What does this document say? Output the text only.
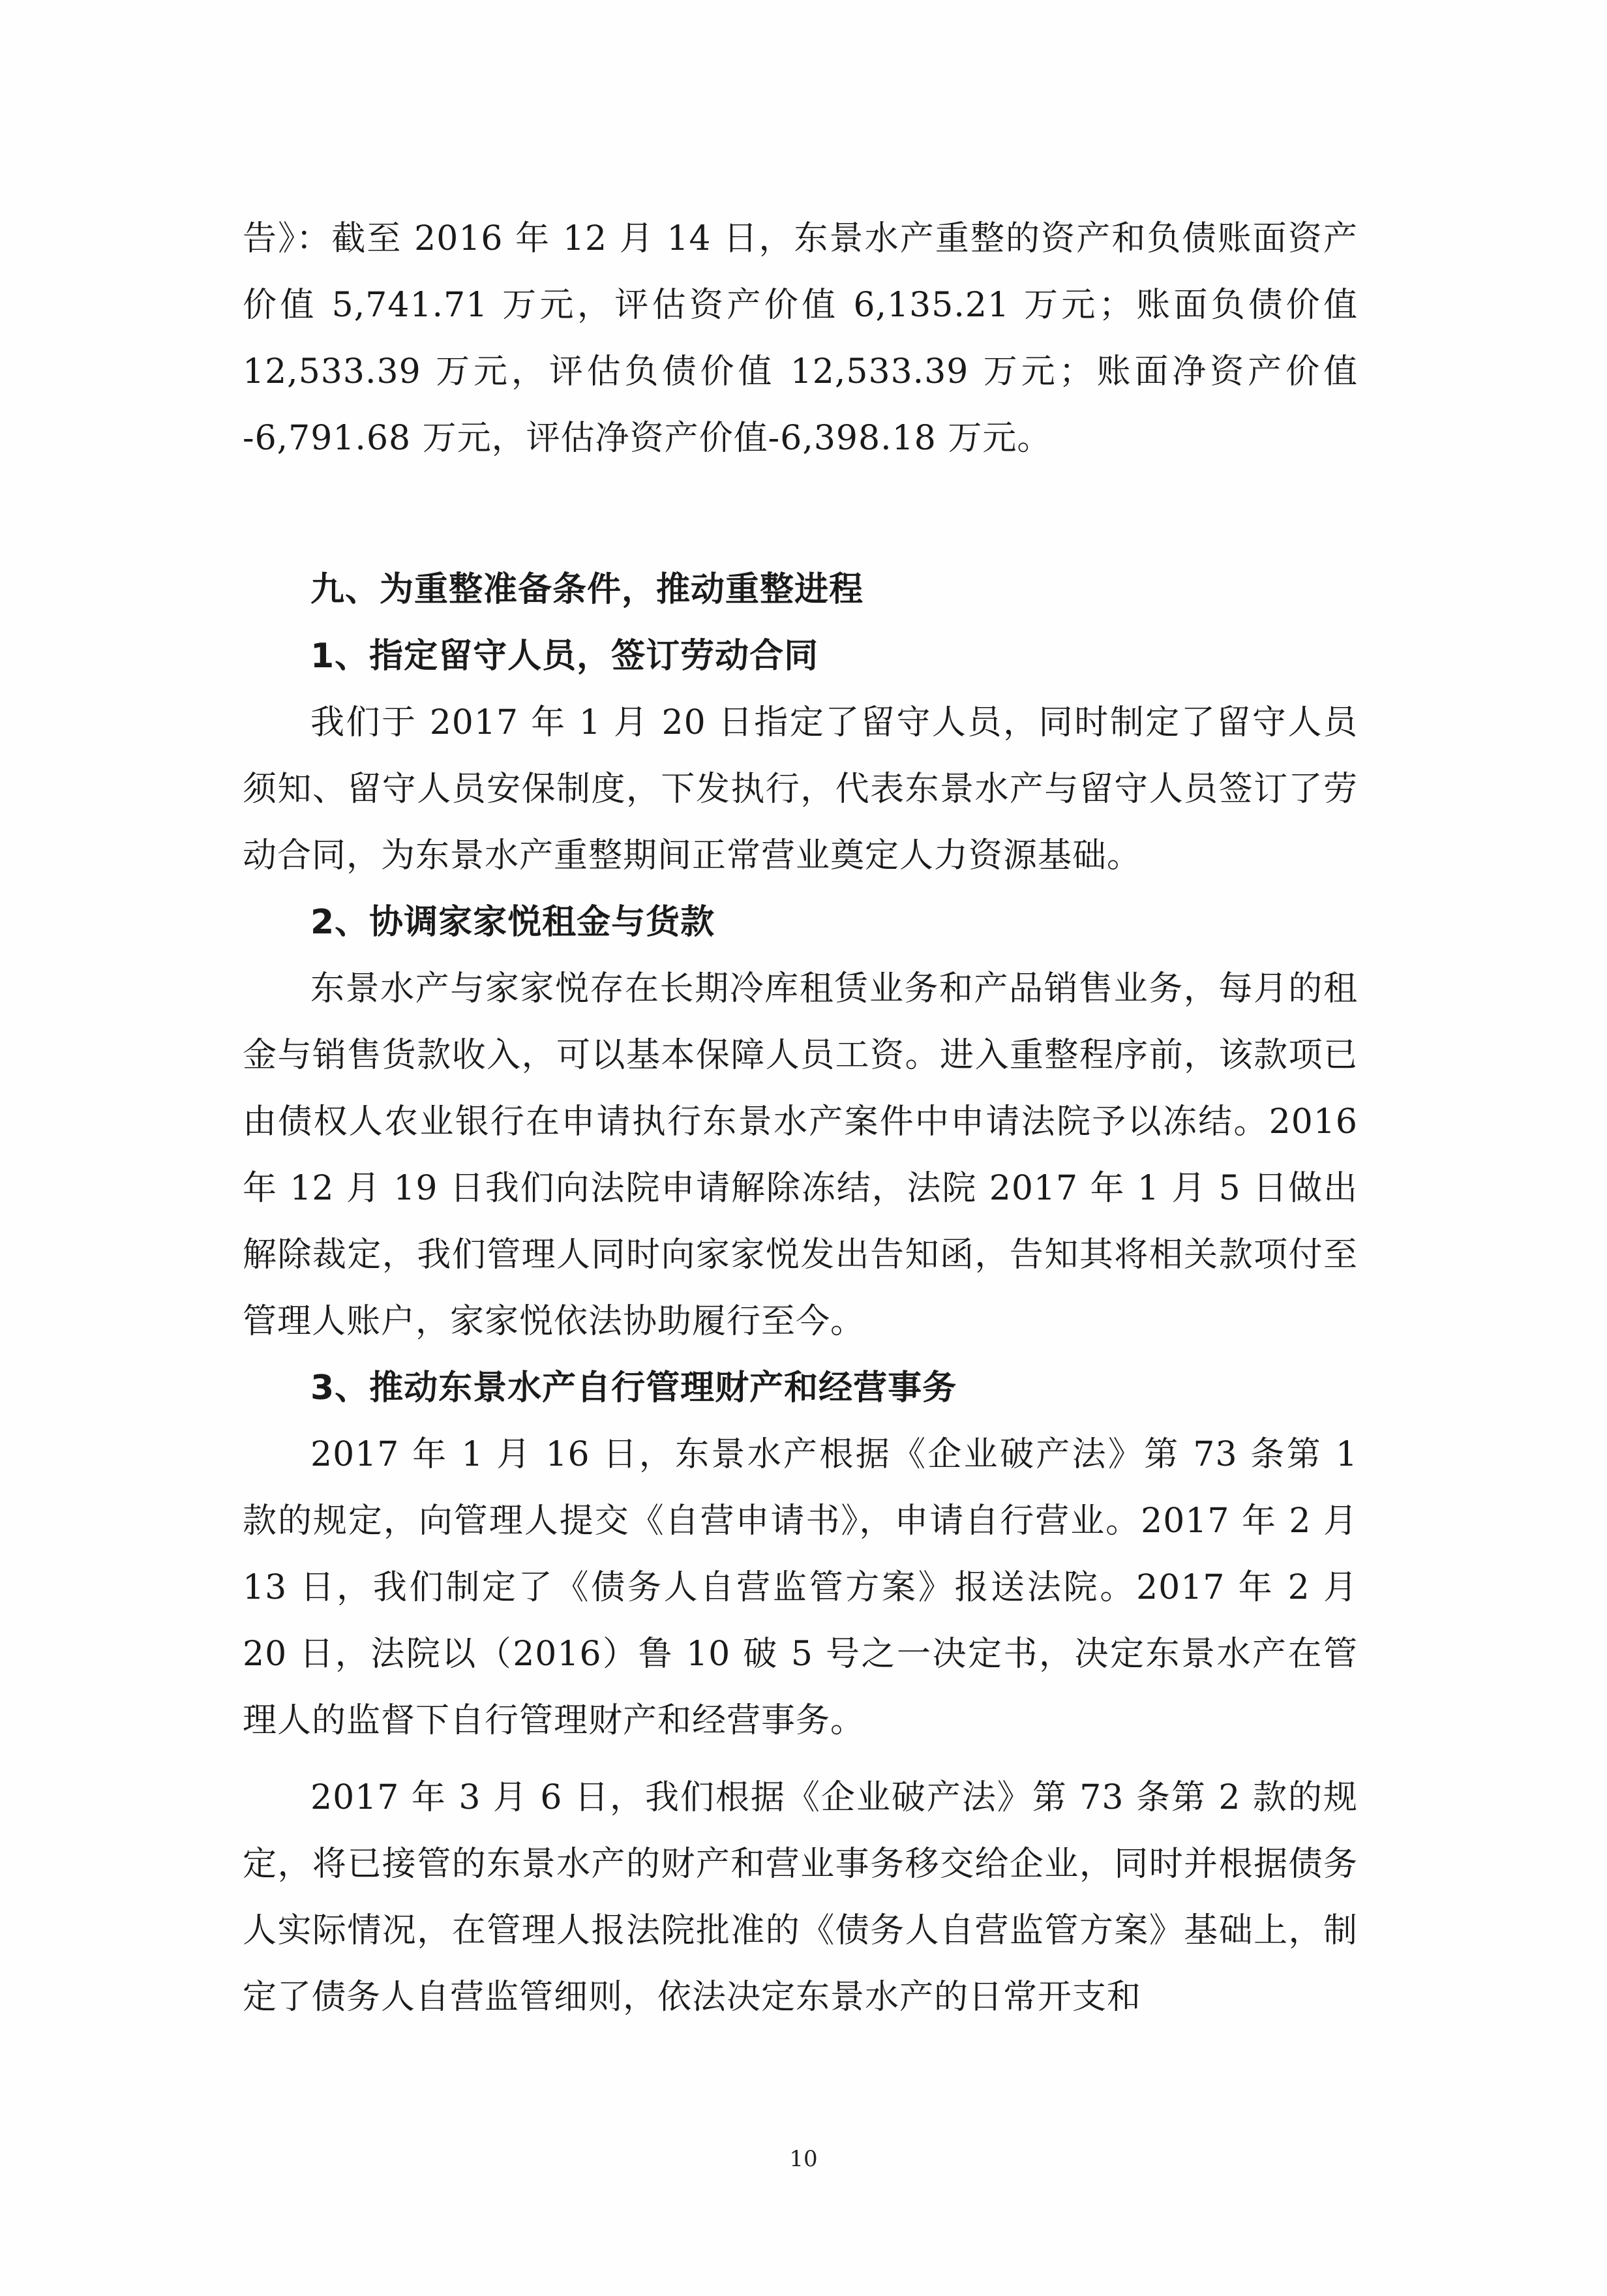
告》：截至 2016 年 12 月 14 日，东景水产重整的资产和负债账面资产价值 5,741.71 万元，评估资产价值 6,135.21 万元；账面负债价值 12,533.39 万元，评估负债价值 12,533.39 万元；账面净资产价值 -6,791.68 万元，评估净资产价值-6,398.18 万元。

九、为重整准备条件，推动重整进程

1、指定留守人员，签订劳动合同

我们于 2017 年 1 月 20 日指定了留守人员，同时制定了留守人员须知、留守人员安保制度，下发执行，代表东景水产与留守人员签订了劳动合同，为东景水产重整期间正常营业奠定人力资源基础。

2、协调家家悦租金与货款

东景水产与家家悦存在长期冷库租赁业务和产品销售业务，每月的租金与销售货款收入，可以基本保障人员工资。进入重整程序前，该款项已由债权人农业银行在申请执行东景水产案件中申请法院予以冻结。2016 年 12 月 19 日我们向法院申请解除冻结，法院 2017 年 1 月 5 日做出解除裁定，我们管理人同时向家家悦发出告知函，告知其将相关款项付至管理人账户，家家悦依法协助履行至今。

3、推动东景水产自行管理财产和经营事务

2017 年 1 月 16 日，东景水产根据《企业破产法》第 73 条第 1 款的规定，向管理人提交《自营申请书》，申请自行营业。2017 年 2 月 13 日，我们制定了《债务人自营监管方案》报送法院。2017 年 2 月 20 日，法院以（2016）鲁 10 破 5 号之一决定书，决定东景水产在管理人的监督下自行管理财产和经营事务。

2017 年 3 月 6 日，我们根据《企业破产法》第 73 条第 2 款的规定，将已接管的东景水产的财产和营业事务移交给企业，同时并根据债务人实际情况，在管理人报法院批准的《债务人自营监管方案》基础上，制定了债务人自营监管细则，依法决定东景水产的日常开支和

10
